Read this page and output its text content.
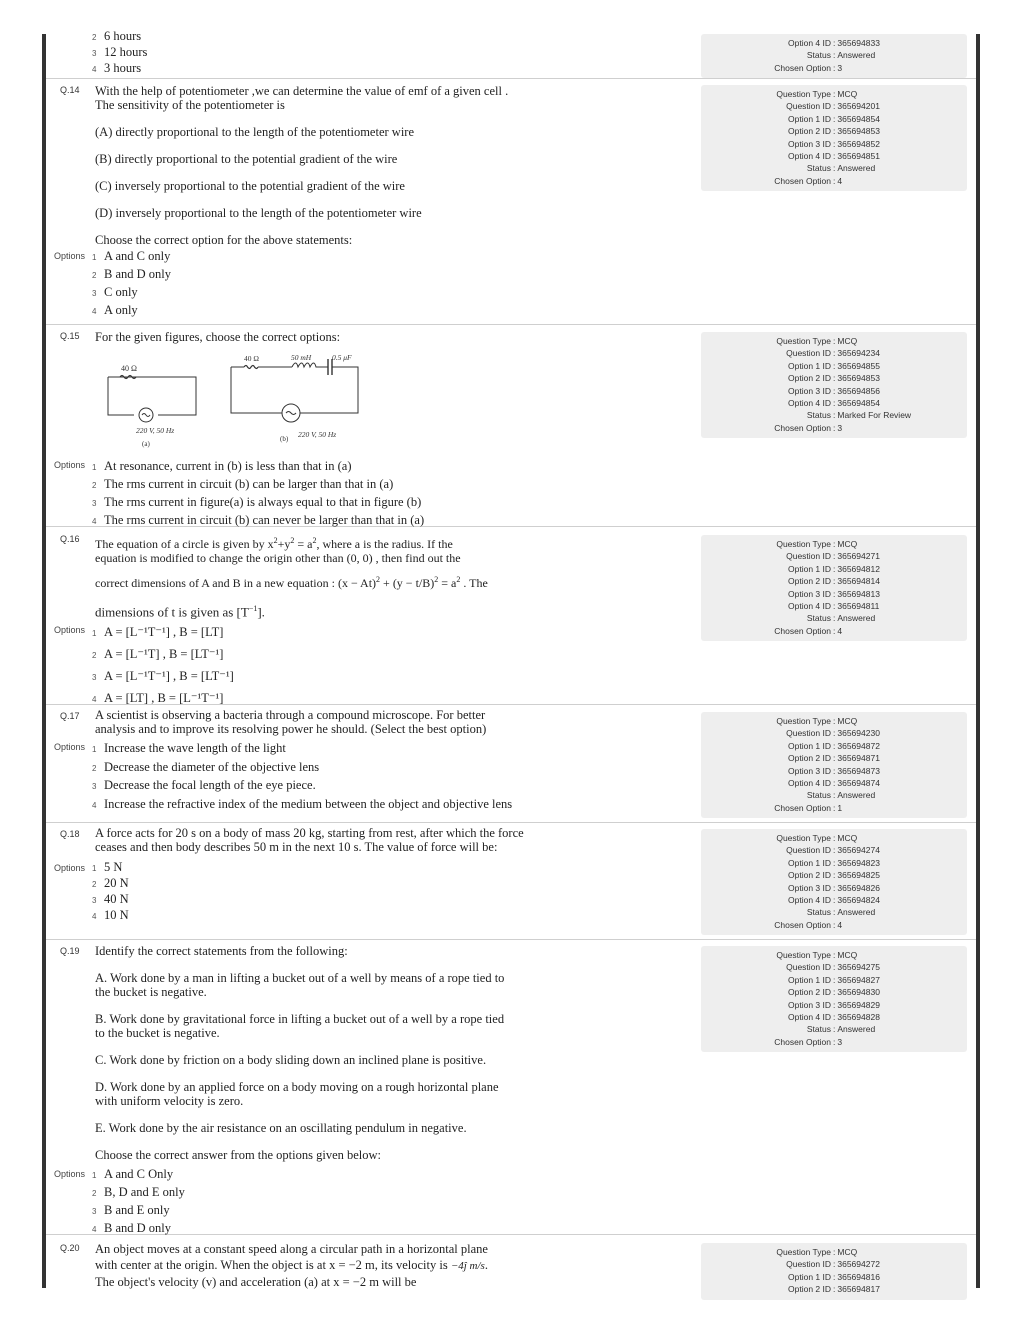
2 6 hours
3 12 hours
4 3 hours
Option 4 ID : 365694833
Status : Answered
Chosen Option : 3
Q.14 With the help of potentiometer ,we can determine the value of emf of a given cell . The sensitivity of the potentiometer is

(A) directly proportional to the length of the potentiometer wire

(B) directly proportional to the potential gradient of the wire

(C) inversely proportional to the potential gradient of the wire

(D) inversely proportional to the length of the potentiometer wire

Choose the correct option for the above statements:

Options 1 A and C only
2 B and D only
3 C only
4 A only
Question Type : MCQ
Question ID : 365694201
Option 1 ID : 365694854
Option 2 ID : 365694853
Option 3 ID : 365694852
Option 4 ID : 365694851
Status : Answered
Chosen Option : 4
Q.15 For the given figures, choose the correct options:
40 Ω
220 V, 50 Hz
(a)
40 Ω	50 mH	0.5 μF
220 V, 50 Hz
(b)
Options 1 At resonance, current in (b) is less than that in (a)
2 The rms current in circuit (b) can be larger than that in (a)
3 The rms current in figure(a) is always equal to that in figure (b)
4 The rms current in circuit (b) can never be larger than that in (a)
Question Type : MCQ
Question ID : 365694234
Option 1 ID : 365694855
Option 2 ID : 365694853
Option 3 ID : 365694856
Option 4 ID : 365694854
Status : Marked For Review
Chosen Option : 3
Q.16 The equation of a circle is given by $x^2+y^2 = a^2$, where a is the radius. If the
equation is modified to change the origin other than (0, 0) , then find out the
correct dimensions of A and B in a new equation : $(x - At)^2 + (y - t/B)^2 = a^2$ . The
dimensions of t is given as $[T^{-1}]$.
Options 1 A = [L⁻¹T⁻¹] , B = [LT]
2 A = [L⁻¹T] , B = [LT⁻¹]
3 A = [L⁻¹T⁻¹] , B = [LT⁻¹]
4 A = [LT] , B = [L⁻¹T⁻¹]
Question Type : MCQ
Question ID : 365694271
Option 1 ID : 365694812
Option 2 ID : 365694814
Option 3 ID : 365694813
Option 4 ID : 365694811
Status : Answered
Chosen Option : 4
Q.17 A scientist is observing a bacteria through a compound microscope. For better analysis and to improve its resolving power he should. (Select the best option)
Options 1 Increase the wave length of the light
2 Decrease the diameter of the objective lens
3 Decrease the focal length of the eye piece.
4 Increase the refractive index of the medium between the object and objective lens
Question Type : MCQ
Question ID : 365694230
Option 1 ID : 365694872
Option 2 ID : 365694871
Option 3 ID : 365694873
Option 4 ID : 365694874
Status : Answered
Chosen Option : 1
Q.18 A force acts for 20 s on a body of mass 20 kg, starting from rest, after which the force ceases and then body describes 50 m in the next 10 s. The value of force will be:
Options 1 5 N
2 20 N
3 40 N
4 10 N
Question Type : MCQ
Question ID : 365694274
Option 1 ID : 365694823
Option 2 ID : 365694825
Option 3 ID : 365694826
Option 4 ID : 365694824
Status : Answered
Chosen Option : 4
Q.19 Identify the correct statements from the following:

A. Work done by a man in lifting a bucket out of a well by means of a rope tied to the bucket is negative.

B. Work done by gravitational force in lifting a bucket out of a well by a rope tied to the bucket is negative.

C. Work done by friction on a body sliding down an inclined plane is positive.

D. Work done by an applied force on a body moving on a rough horizontal plane with uniform velocity is zero.

E. Work done by the air resistance on an oscillating pendulum in negative.

Choose the correct answer from the options given below:

Options 1 A and C Only
2 B, D and E only
3 B and E only
4 B and D only
Question Type : MCQ
Question ID : 365694275
Option 1 ID : 365694827
Option 2 ID : 365694830
Option 3 ID : 365694829
Option 4 ID : 365694828
Status : Answered
Chosen Option : 3
Q.20 An object moves at a constant speed along a circular path in a horizontal plane
with center at the origin. When the object is at x = −2 m, its velocity is −4ĵ m/s.
The object's velocity (v) and acceleration (a) at x = −2 m will be
Question Type : MCQ
Question ID : 365694272
Option 1 ID : 365694816
Option 2 ID : 365694817
